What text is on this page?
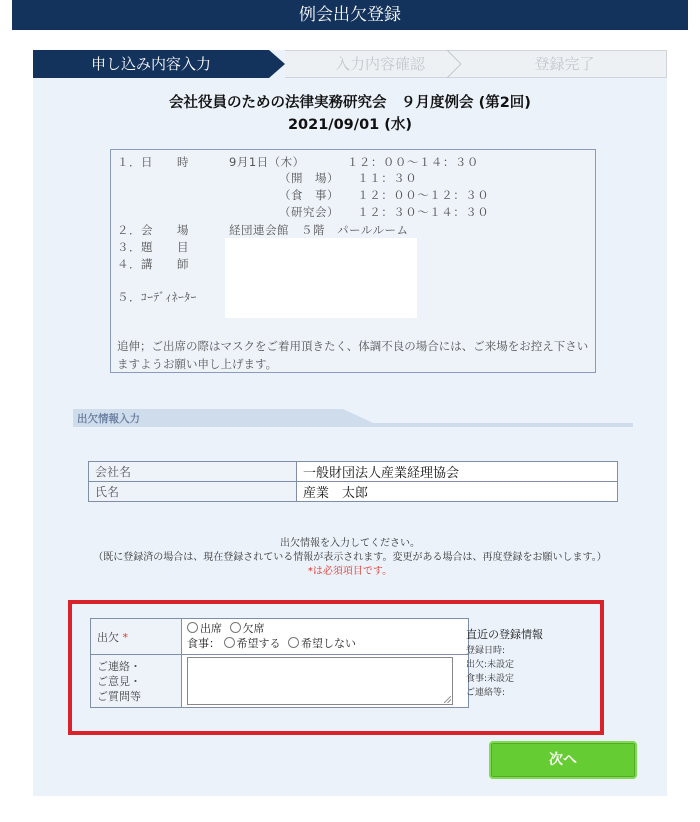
例会出欠登録
申し込み内容入力	入力内容確認	登録完了
会社役員のための法律実務研究会　９月度例会 (第2回)
2021/09/01 (水)
１．日　　時	9月1日（木）　　　　１２：００～１４：３０
（開　場）　　１１：３０
（食　事）　　１２：００～１２：３０
（研究会）　　１２：３０～１４：３０
２．会　　場	経団連会館　５階　パールルーム
３．題　　目
４．講　　師
５．ｺｰﾃﾞｨﾈｰﾀｰ
追伸；ご出席の際はマスクをご着用頂きたく、体調不良の場合には、ご来場をお控え下さいますようお願い申し上げます。
出欠情報入力
会社名	一般財団法人産業経理協会
氏名	産業　太郎
出欠情報を入力してください。
（既に登録済の場合は、現在登録されている情報が表示されます。変更がある場合は、再度登録をお願いします。）
*は必須項目です。
出欠 *	出席 欠席
食事： 希望する 希望しない

ご連絡・
ご意見・
ご質問等	

直近の登録情報
登録日時:
出欠:未設定
食事:未設定
ご連絡等:
次へ
